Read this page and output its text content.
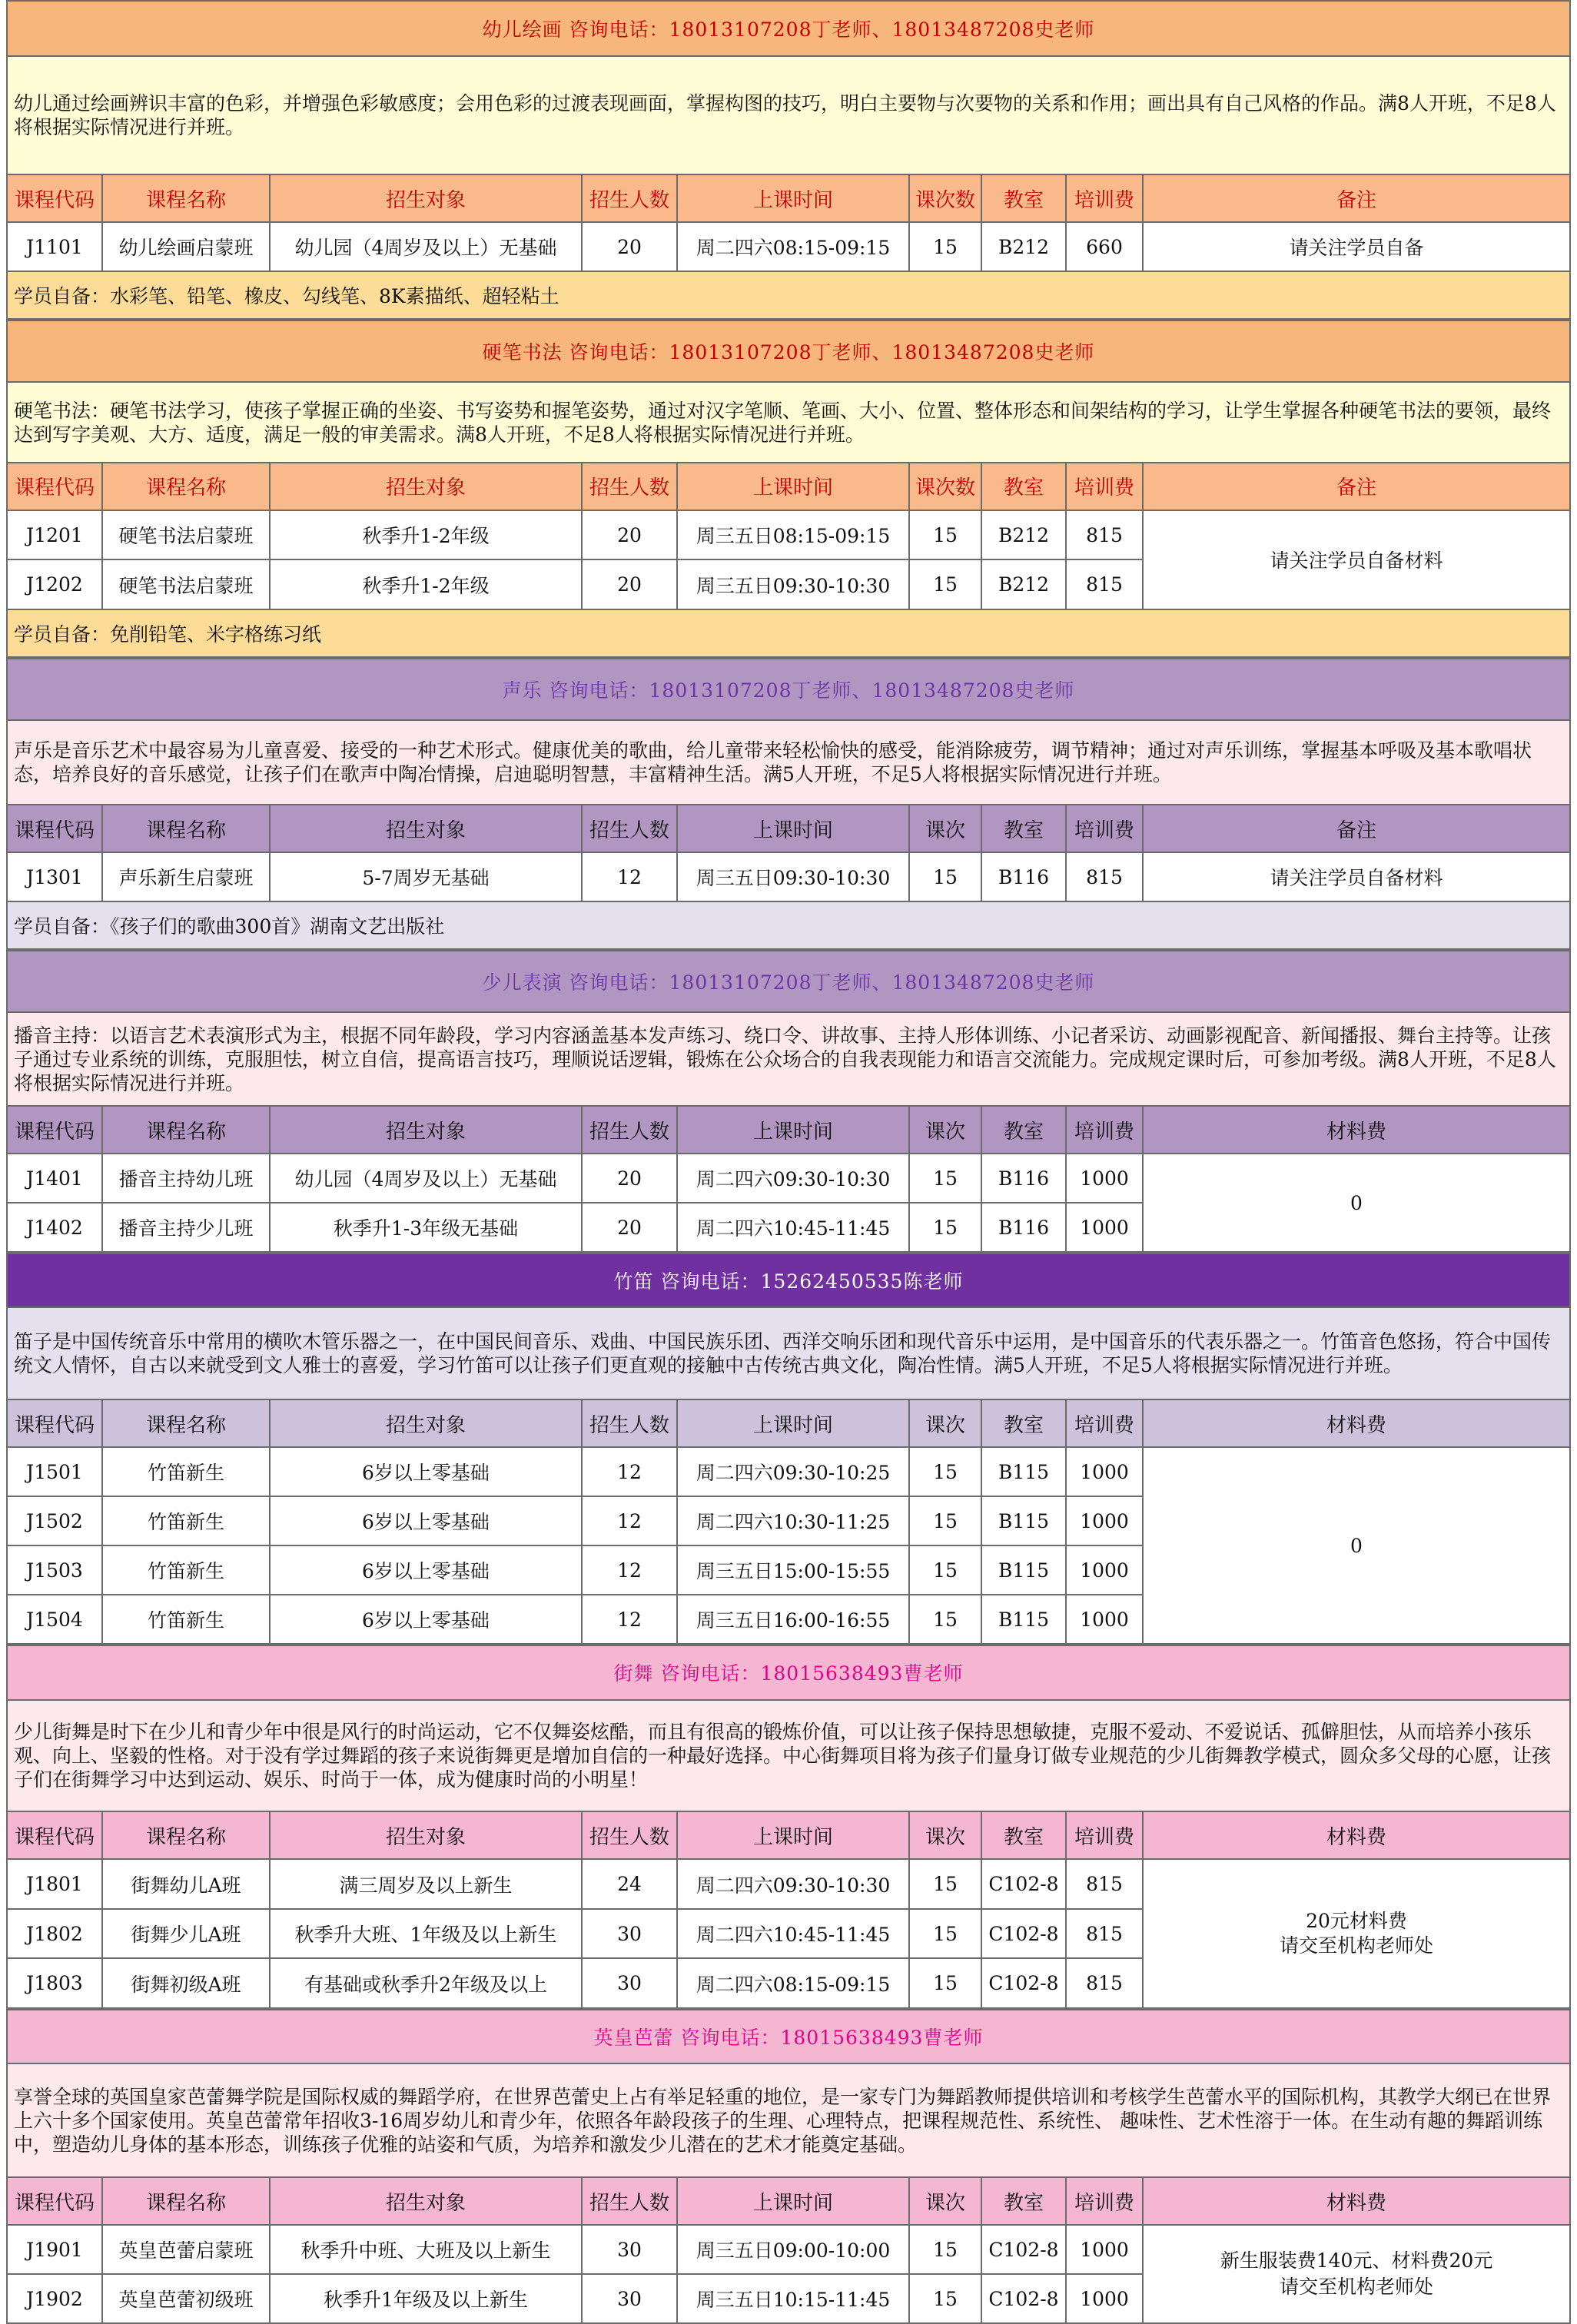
幼儿绘画 咨询电话：18013107208丁老师、18013487208史老师								
幼儿通过绘画辨识丰富的色彩，并增强色彩敏感度；会用色彩的过渡表现画面，掌握构图的技巧，明白主要物与次要物的关系和作用；画出具有自己风格的作品。满8人开班，不足8人将根据实际情况进行并班。								
课程代码	课程名称	招生对象	招生人数	上课时间	课次数	教室	培训费	备注
J1101	幼儿绘画启蒙班	幼儿园（4周岁及以上）无基础	20	周二四六08:15-09:15	15	B212	660	请关注学员自备
学员自备：水彩笔、铅笔、橡皮、勾线笔、8K素描纸、超轻粘土								
硬笔书法 咨询电话：18013107208丁老师、18013487208史老师								
硬笔书法：硬笔书法学习，使孩子掌握正确的坐姿、书写姿势和握笔姿势，通过对汉字笔顺、笔画、大小、位置、整体形态和间架结构的学习，让学生掌握各种硬笔书法的要领，最终达到写字美观、大方、适度，满足一般的审美需求。满8人开班，不足8人将根据实际情况进行并班。								
课程代码	课程名称	招生对象	招生人数	上课时间	课次数	教室	培训费	备注
J1201	硬笔书法启蒙班	秋季升1-2年级	20	周三五日08:15-09:15	15	B212	815	请关注学员自备材料
J1202	硬笔书法启蒙班	秋季升1-2年级	20	周三五日09:30-10:30	15	B212	815	
学员自备：免削铅笔、米字格练习纸								
声乐 咨询电话：18013107208丁老师、18013487208史老师								
声乐是音乐艺术中最容易为儿童喜爱、接受的一种艺术形式。健康优美的歌曲，给儿童带来轻松愉快的感受，能消除疲劳，调节精神；通过对声乐训练，掌握基本呼吸及基本歌唱状态，培养良好的音乐感觉，让孩子们在歌声中陶冶情操，启迪聪明智慧，丰富精神生活。满5人开班，不足5人将根据实际情况进行并班。								
课程代码	课程名称	招生对象	招生人数	上课时间	课次	教室	培训费	备注
J1301	声乐新生启蒙班	5-7周岁无基础	12	周三五日09:30-10:30	15	B116	815	请关注学员自备材料
学员自备：《孩子们的歌曲300首》湖南文艺出版社								
少儿表演 咨询电话：18013107208丁老师、18013487208史老师								
播音主持：以语言艺术表演形式为主，根据不同年龄段，学习内容涵盖基本发声练习、绕口令、讲故事、主持人形体训练、小记者采访、动画影视配音、新闻播报、舞台主持等。让孩子通过专业系统的训练，克服胆怯，树立自信，提高语言技巧，理顺说话逻辑，锻炼在公众场合的自我表现能力和语言交流能力。完成规定课时后，可参加考级。满8人开班，不足8人将根据实际情况进行并班。								
课程代码	课程名称	招生对象	招生人数	上课时间	课次	教室	培训费	材料费
J1401	播音主持幼儿班	幼儿园（4周岁及以上）无基础	20	周二四六09:30-10:30	15	B116	1000	0
J1402	播音主持少儿班	秋季升1-3年级无基础	20	周二四六10:45-11:45	15	B116	1000	
竹笛 咨询电话：15262450535陈老师								
笛子是中国传统音乐中常用的横吹木管乐器之一，在中国民间音乐、戏曲、中国民族乐团、西洋交响乐团和现代音乐中运用，是中国音乐的代表乐器之一。竹笛音色悠扬，符合中国传统文人情怀，自古以来就受到文人雅士的喜爱，学习竹笛可以让孩子们更直观的接触中古传统古典文化，陶冶性情。满5人开班，不足5人将根据实际情况进行并班。								
课程代码	课程名称	招生对象	招生人数	上课时间	课次	教室	培训费	材料费
J1501	竹笛新生	6岁以上零基础	12	周二四六09:30-10:25	15	B115	1000	0
J1502	竹笛新生	6岁以上零基础	12	周二四六10:30-11:25	15	B115	1000	
J1503	竹笛新生	6岁以上零基础	12	周三五日15:00-15:55	15	B115	1000	
J1504	竹笛新生	6岁以上零基础	12	周三五日16:00-16:55	15	B115	1000	
街舞 咨询电话：18015638493曹老师								
少儿街舞是时下在少儿和青少年中很是风行的时尚运动，它不仅舞姿炫酷，而且有很高的锻炼价值，可以让孩子保持思想敏捷，克服不爱动、不爱说话、孤僻胆怯，从而培养小孩乐观、向上、坚毅的性格。对于没有学过舞蹈的孩子来说街舞更是增加自信的一种最好选择。中心街舞项目将为孩子们量身订做专业规范的少儿街舞教学模式，圆众多父母的心愿，让孩子们在街舞学习中达到运动、娱乐、时尚于一体，成为健康时尚的小明星！								
课程代码	课程名称	招生对象	招生人数	上课时间	课次	教室	培训费	材料费
J1801	街舞幼儿A班	满三周岁及以上新生	24	周二四六09:30-10:30	15	C102-8	815	20元材料费
请交至机构老师处
J1802	街舞少儿A班	秋季升大班、1年级及以上新生	30	周二四六10:45-11:45	15	C102-8	815	
J1803	街舞初级A班	有基础或秋季升2年级及以上	30	周二四六08:15-09:15	15	C102-8	815	
英皇芭蕾 咨询电话：18015638493曹老师								
享誉全球的英国皇家芭蕾舞学院是国际权威的舞蹈学府，在世界芭蕾史上占有举足轻重的地位，是一家专门为舞蹈教师提供培训和考核学生芭蕾水平的国际机构，其教学大纲已在世界上六十多个国家使用。英皇芭蕾常年招收3-16周岁幼儿和青少年，依照各年龄段孩子的生理、心理特点，把课程规范性、系统性、 趣味性、艺术性溶于一体。在生动有趣的舞蹈训练中，塑造幼儿身体的基本形态，训练孩子优雅的站姿和气质，为培养和激发少儿潜在的艺术才能奠定基础。								
课程代码	课程名称	招生对象	招生人数	上课时间	课次	教室	培训费	材料费
J1901	英皇芭蕾启蒙班	秋季升中班、大班及以上新生	30	周三五日09:00-10:00	15	C102-8	1000	新生服装费140元、材料费20元
请交至机构老师处
J1902	英皇芭蕾初级班	秋季升1年级及以上新生	30	周三五日10:15-11:45	15	C102-8	1000	
